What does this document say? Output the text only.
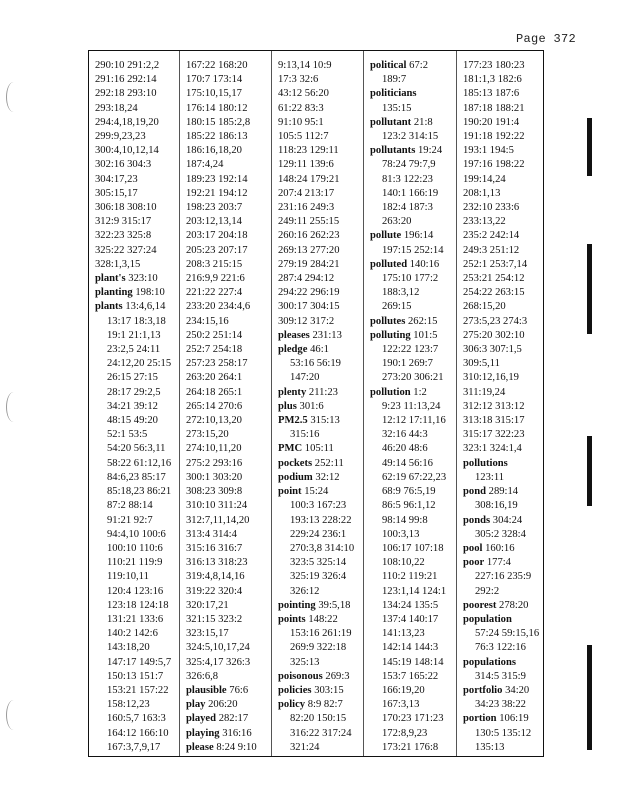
Page 372
290:10 291:2,2
291:16 292:14
292:18 293:10
293:18,24
294:4,18,19,20
299:9,23,23
300:4,10,12,14
302:16 304:3
304:17,23
305:15,17
306:18 308:10
312:9 315:17
322:23 325:8
325:22 327:24
328:1,3,15
plant's 323:10
planting 198:10
plants 13:4,6,14
13:17 18:3,18
19:1 21:1,13
23:2,5 24:11
24:12,20 25:15
26:15 27:15
28:17 29:2,5
34:21 39:12
48:15 49:20
52:1 53:5
54:20 56:3,11
58:22 61:12,16
84:6,23 85:17
85:18,23 86:21
87:2 88:14
91:21 92:7
94:4,10 100:6
100:10 110:6
110:21 119:9
119:10,11
120:4 123:16
123:18 124:18
131:21 133:6
140:2 142:6
143:18,20
147:17 149:5,7
150:13 151:7
153:21 157:22
158:12,23
160:5,7 163:3
164:12 166:10
167:3,7,9,17
167:22 168:20
170:7 173:14
175:10,15,17
176:14 180:12
180:15 185:2,8
185:22 186:13
186:16,18,20
187:4,24
189:23 192:14
192:21 194:12
198:23 203:7
203:12,13,14
203:17 204:18
205:23 207:17
208:3 215:15
216:9,9 221:6
221:22 227:4
233:20 234:4,6
234:15,16
250:2 251:14
252:7 254:18
257:23 258:17
263:20 264:1
264:18 265:1
265:14 270:6
272:10,13,20
273:15,20
274:10,11,20
275:2 293:16
300:1 303:20
308:23 309:8
310:10 311:24
312:7,11,14,20
313:4 314:4
315:16 316:7
316:13 318:23
319:4,8,14,16
319:22 320:4
320:17,21
321:15 323:2
323:15,17
324:5,10,17,24
325:4,17 326:3
326:6,8
plausible 76:6
play 206:20
played 282:17
playing 316:16
please 8:24 9:10
9:13,14 10:9
17:3 32:6
43:12 56:20
61:22 83:3
91:10 95:1
105:5 112:7
118:23 129:11
129:11 139:6
148:24 179:21
207:4 213:17
231:16 249:3
249:11 255:15
260:16 262:23
269:13 277:20
279:19 284:21
287:4 294:12
294:22 296:19
300:17 304:15
309:12 317:2
pleases 231:13
pledge 46:1
53:16 56:19
147:20
plenty 211:23
plus 301:6
PM2.5 315:13
315:16
PMC 105:11
pockets 252:11
podium 32:12
point 15:24
100:3 167:23
193:13 228:22
229:24 236:1
270:3,8 314:10
323:5 325:14
325:19 326:4
326:12
pointing 39:5,18
points 148:22
153:16 261:19
269:9 322:18
325:13
poisonous 269:3
policies 303:15
policy 8:9 82:7
82:20 150:15
316:22 317:24
321:24
political 67:2
189:7
politicians
135:15
pollutant 21:8
123:2 314:15
pollutants 19:24
78:24 79:7,9
81:3 122:23
140:1 166:19
182:4 187:3
263:20
pollute 196:14
197:15 252:14
polluted 140:16
175:10 177:2
188:3,12
269:15
pollutes 262:15
polluting 101:5
122:22 123:7
190:1 269:7
273:20 306:21
pollution 1:2
9:23 11:13,24
12:12 17:11,16
32:16 44:3
46:20 48:6
49:14 56:16
62:19 67:22,23
68:9 76:5,19
86:5 96:1,12
98:14 99:8
100:3,13
106:17 107:18
108:10,22
110:2 119:21
123:1,14 124:1
134:24 135:5
137:4 140:17
141:13,23
142:14 144:3
145:19 148:14
153:7 165:22
166:19,20
167:3,13
170:23 171:23
172:8,9,23
173:21 176:8
177:23 180:23
181:1,3 182:6
185:13 187:6
187:18 188:21
190:20 191:4
191:18 192:22
193:1 194:5
197:16 198:22
199:14,24
208:1,13
232:10 233:6
233:13,22
235:2 242:14
249:3 251:12
252:1 253:7,14
253:21 254:12
254:22 263:15
268:15,20
273:5,23 274:3
275:20 302:10
306:3 307:1,5
309:5,11
310:12,16,19
311:19,24
312:12 313:12
313:18 315:17
315:17 322:23
323:1 324:1,4
pollutions
123:11
pond 289:14
308:16,19
ponds 304:24
305:2 328:4
pool 160:16
poor 177:4
227:16 235:9
292:2
poorest 278:20
population
57:24 59:15,16
76:3 122:16
populations
314:5 315:9
portfolio 34:20
34:23 38:22
portion 106:19
130:5 135:12
135:13
